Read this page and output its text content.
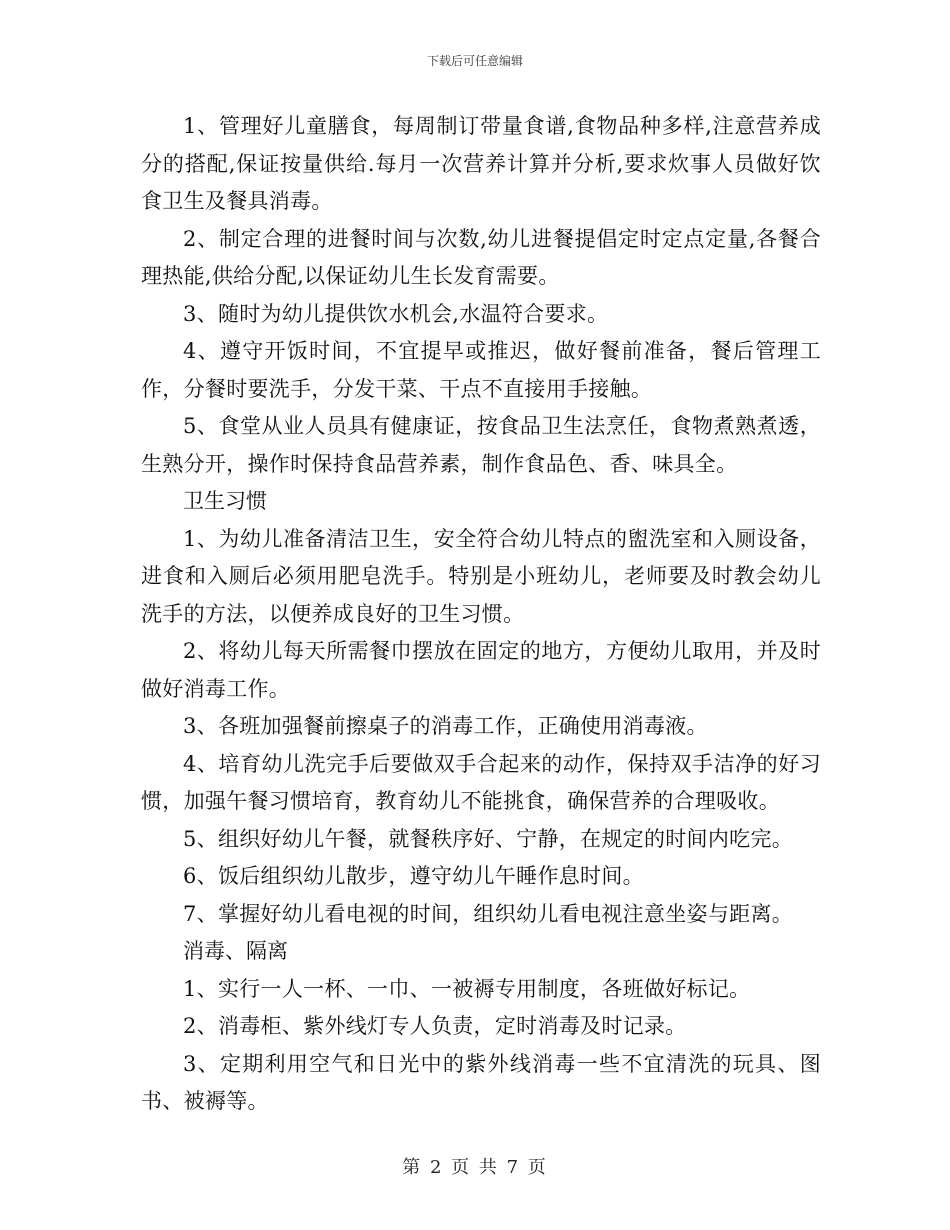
下载后可任意编辑

1、管理好儿童膳食，每周制订带量食谱,食物品种多样,注意营养成分的搭配,保证按量供给.每月一次营养计算并分析,要求炊事人员做好饮食卫生及餐具消毒。

2、制定合理的进餐时间与次数,幼儿进餐提倡定时定点定量,各餐合理热能,供给分配,以保证幼儿生长发育需要。

3、随时为幼儿提供饮水机会,水温符合要求。

4、遵守开饭时间，不宜提早或推迟，做好餐前准备，餐后管理工作，分餐时要洗手，分发干菜、干点不直接用手接触。

5、食堂从业人员具有健康证，按食品卫生法烹任，食物煮熟煮透，生熟分开，操作时保持食品营养素，制作食品色、香、味具全。

卫生习惯

1、为幼儿准备清洁卫生，安全符合幼儿特点的盥洗室和入厕设备，进食和入厕后必须用肥皂洗手。特别是小班幼儿，老师要及时教会幼儿洗手的方法，以便养成良好的卫生习惯。

2、将幼儿每天所需餐巾摆放在固定的地方，方便幼儿取用，并及时做好消毒工作。

3、各班加强餐前擦桌子的消毒工作，正确使用消毒液。

4、培育幼儿洗完手后要做双手合起来的动作，保持双手洁净的好习惯，加强午餐习惯培育，教育幼儿不能挑食，确保营养的合理吸收。

5、组织好幼儿午餐，就餐秩序好、宁静，在规定的时间内吃完。

6、饭后组织幼儿散步，遵守幼儿午睡作息时间。

7、掌握好幼儿看电视的时间，组织幼儿看电视注意坐姿与距离。

消毒、隔离

1、实行一人一杯、一巾、一被褥专用制度，各班做好标记。

2、消毒柜、紫外线灯专人负责，定时消毒及时记录。

3、定期利用空气和日光中的紫外线消毒一些不宜清洗的玩具、图书、被褥等。

第 2 页 共 7 页
